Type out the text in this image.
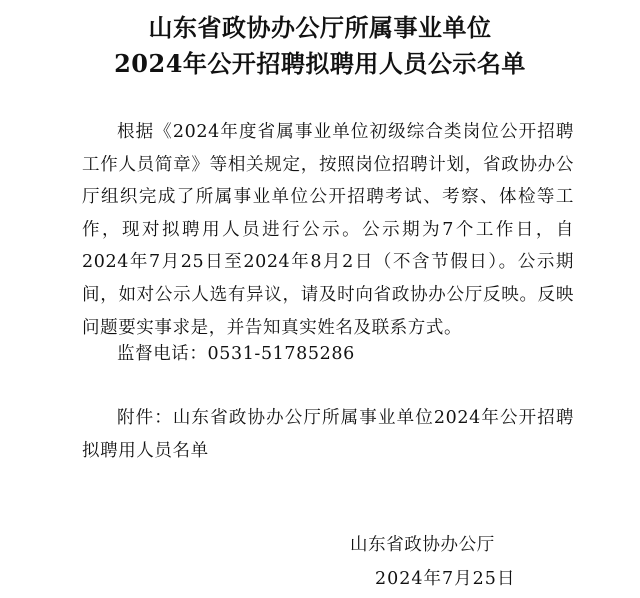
山东省政协办公厅所属事业单位
2024年公开招聘拟聘用人员公示名单

根据《2024年度省属事业单位初级综合类岗位公开招聘工作人员简章》等相关规定，按照岗位招聘计划，省政协办公厅组织完成了所属事业单位公开招聘考试、考察、体检等工作，现对拟聘用人员进行公示。公示期为7个工作日，自2024年7月25日至2024年8月2日（不含节假日）。公示期间，如对公示人选有异议，请及时向省政协办公厅反映。反映问题要实事求是，并告知真实姓名及联系方式。

监督电话：0531-51785286

附件：山东省政协办公厅所属事业单位2024年公开招聘拟聘用人员名单

山东省政协办公厅
2024年7月25日
